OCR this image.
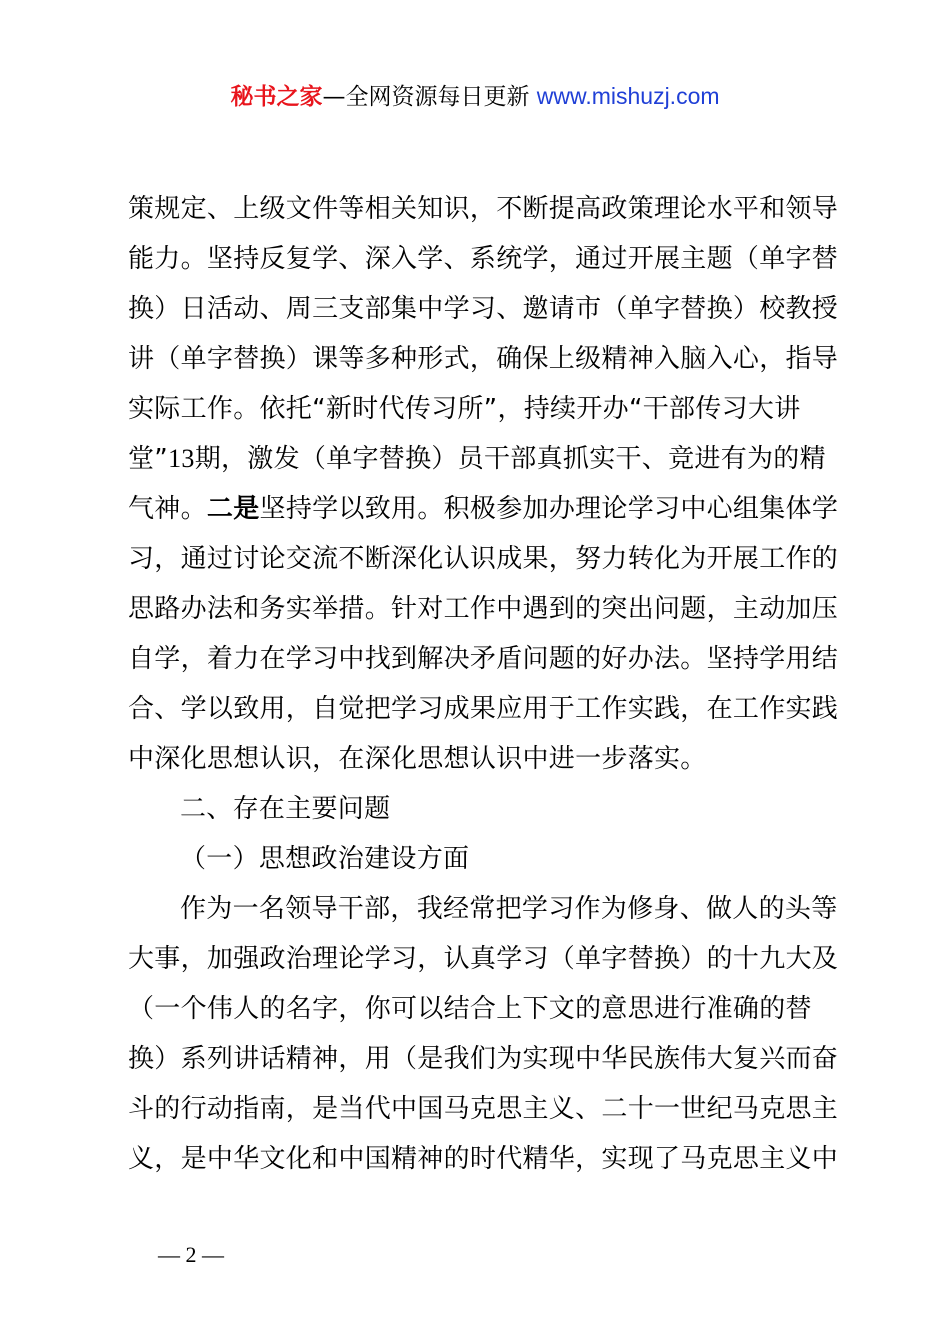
秘书之家—全网资源每日更新 www.mishuzj.com
策规定、上级文件等相关知识，不断提高政策理论水平和领导
能力。坚持反复学、深入学、系统学，通过开展主题（单字替
换）日活动、周三支部集中学习、邀请市（单字替换）校教授
讲（单字替换）课等多种形式，确保上级精神入脑入心，指导
实际工作。依托“新时代传习所”，持续开办“干部传习大讲
堂”13期，激发（单字替换）员干部真抓实干、竞进有为的精
气神。二是坚持学以致用。积极参加办理论学习中心组集体学
习，通过讨论交流不断深化认识成果，努力转化为开展工作的
思路办法和务实举措。针对工作中遇到的突出问题，主动加压
自学，着力在学习中找到解决矛盾问题的好办法。坚持学用结
合、学以致用，自觉把学习成果应用于工作实践，在工作实践
中深化思想认识，在深化思想认识中进一步落实。
二、存在主要问题
（一）思想政治建设方面
作为一名领导干部，我经常把学习作为修身、做人的头等
大事，加强政治理论学习，认真学习（单字替换）的十九大及
（一个伟人的名字，你可以结合上下文的意思进行准确的替
换）系列讲话精神，用（是我们为实现中华民族伟大复兴而奋
斗的行动指南，是当代中国马克思主义、二十一世纪马克思主
义，是中华文化和中国精神的时代精华，实现了马克思主义中
— 2 —
